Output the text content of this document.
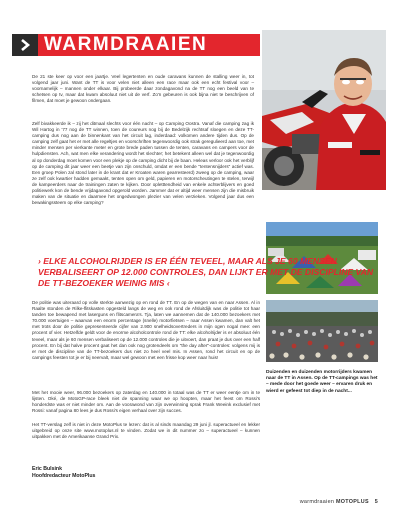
WARMDRAAIEN

De 21 ste keer op voor een jaartje. Veel legertenten en oude caravans kunnen de stalling weer in, tot volgend jaar juni. Want de TT is voor velen niet alleen een race maar ook een echt festival voor – voornamelijk – mannen onder elkaar. Bij probeerde daar zondagavond na de TT nog een beeld van te schetsen op tv, maar dat kwam absoluut niet uit de verf. Zo'n gebeuren is ook bijna niet te beschrijven of filmen, dat moet je gewoon ondergaan.

Zelf bivakkeerde ik – zij het ditmaal slechts voor één nacht – op Camping Oostra. Vanaf die camping zag ik Wil Hartog in '77 nog de TT winnen, toen de coureurs nog bij de Bedelzijk rechtsaf sloegen en deze TT-camping dus nog aan de binnenkant van het circuit lag, inderdaad: volkomen andere tijden dus. Op de camping zelf gaat het er met alle regeltjes en voorschriften tegenwoordig ook strak geregulieerd aan toe, met minder mensen per vierkante meter en grote brede paden tussen de tenten, caravans en campers voor de hulpdiensten. Ach, wat men elke verandering wordt het slechter; het betekent alleen wel dat je tegenwoordig al op donderdag moet komen voor een plekje op de camping dicht bij de baan. Heleas verloor ook het verblijf op de camping dit jaar weer een beetje van zijn onschuld, omdat er een bende "tentensnijders" actief was. Een groep Polen zal stond later in de krant dat er Kroaten waren gearresteerd) zweeg op de camping, waar ze zelf ook kwartier hadden gemaakt, tenten open om geld, papieren en motorscheutingen te stelen, terwijl de kampeerders naar de trainingen zaten te kijken. Door opletttendheid van enkele achterblijvers en goed politiewerk kon de bende vrijdagavond opgerold worden. Jammer dat er altijd weer mensen zijn die misbruik maken van de situatie en daarmee het ongedwongen plezier van velen verzieken. Volgend jaar dus een bewakingssteem op elke camping?

› ELKE ALCOHOLRIJDER IS ER ÉÉN TEVEEL, MAAR ALS JE 60 MENSEN VERBALISEERT OP 12.000 CONTROLES, DAN LIJKT ER MET DE DISCIPLINE VAN DE TT-BEZOEKER WEINIG MIS ‹

De politie was uiteraard op volle sterkte aanwezig op en rond de TT. En op de wegen van en naar Assen. Al in Raalte stonden de Rilke-flitskasten opgesteld langs de weg en ook rond de Afsluitdijk was de politie tot haar tanden toe bewapend met laserguns en flitscamera's. Tja, laten we aannemen dat de 140.000 bezoekers met 70.000 voertuigen – waarvan een enorm percentage (snelle) motorfietsen – naar Assen kwamen, dan valt het met trots door de politie gepresenteerde cijfer van 2.900 snelheidsovertreders in mijn ogen nogal mee: een procent of vier. Hetzelfde geldt voor de enorme alcoholcontrole rond de TT: elke alcoholrijder is er absoluut één teveel, maar als je 60 mensen verbaliseert op de 12.000 controles die je uitvoert, dan praat je dus over een half procent. En bij dat halve procent gaat het dan ook nog grotendeels om "the day after"-controles: volgens mij is er met de discipline van de TT-bezoekers dus niet zo heel veel mis. In Assen, rond het circuit en op de campings feesten tot je er bij neervalt, maar wel gewoon met een frisse kop weer naar huis!

Met het mooie weer, 96.000 bezoekers op zaterdag en 140.000 in totaal was de TT er weer eentje om in te lijsten. Oké, de MotoGP-race bleek niet de spanning waar we op hoopten, maar het feest om Rossi's honderdste was er niet minder om. Aan de voorawond van zijn overwinning sprak Frank Weeink exclusief met Rossi: vanaf pagina 80 lees je dus Rossi's eigen verhaal over zijn succes.

Het TT-verslag zelf is niet in deze MotoPlus te lezen: dat is al sinds maandag 29 juni jl. superactueel en lekker uitgebreid op onze site www.motoplus.nl te vinden. Zodat we in dit nummer zo – superactueel – kunnen uitpakken met de Amerikaanse Grand Prix.

Duizenden en duizenden motorrijders kwamen naar de TT in Assen. Op de TT-campings was het – mede door het goede weer – ervaren druk en wierd er gefeest tot diep in de nacht...
Eric Bulsink
Hoofdredacteur MotoPlus
warmdraaien MOTOPLUS 5
